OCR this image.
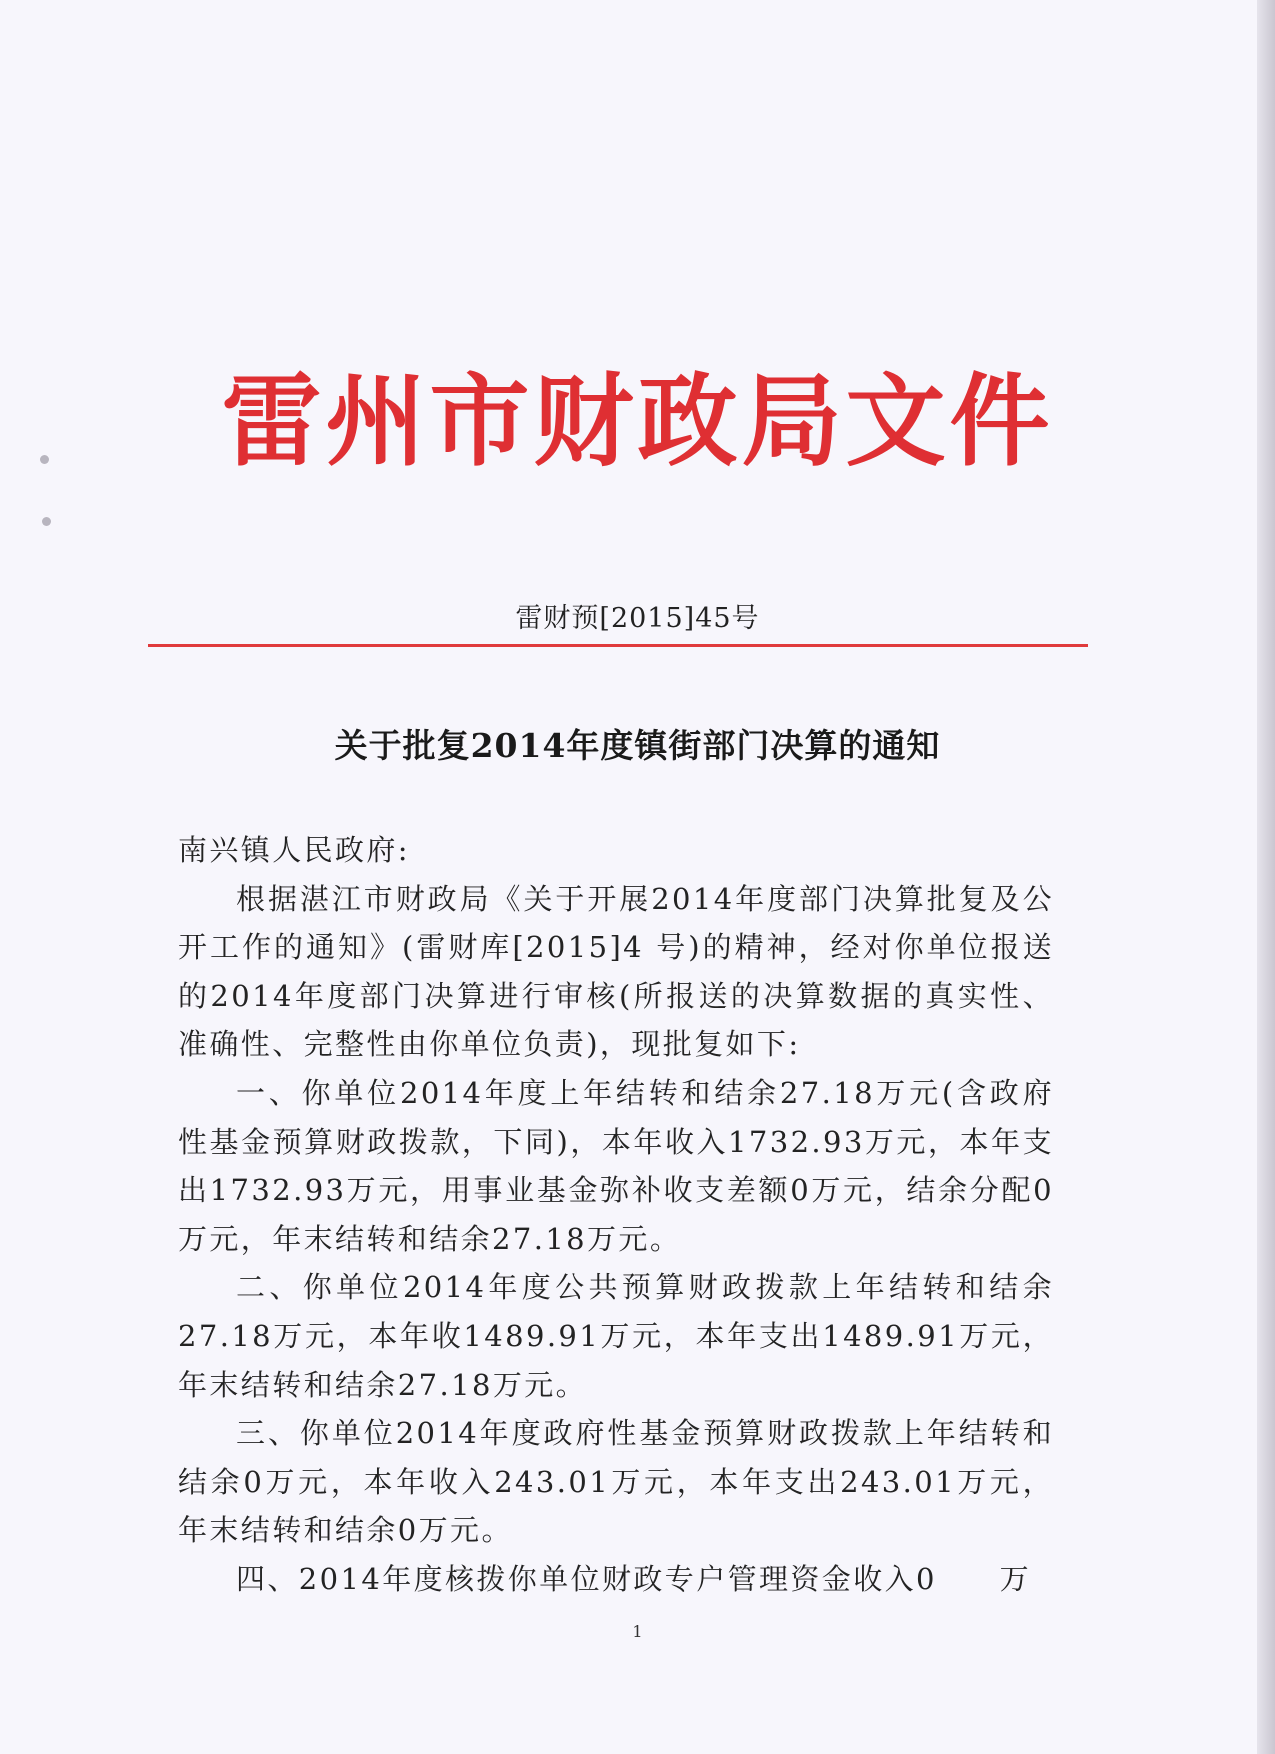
雷州市财政局文件
雷财预[2015]45号
关于批复2014年度镇街部门决算的通知

南兴镇人民政府:

根据湛江市财政局《关于开展2014年度部门决算批复及公开工作的通知》(雷财库[2015]4 号)的精神，经对你单位报送的2014年度部门决算进行审核(所报送的决算数据的真实性、准确性、完整性由你单位负责)，现批复如下:

一、你单位2014年度上年结转和结余27.18万元(含政府性基金预算财政拨款，下同)，本年收入1732.93万元，本年支出1732.93万元，用事业基金弥补收支差额0万元，结余分配0万元，年末结转和结余27.18万元。

二、你单位2014年度公共预算财政拨款上年结转和结余27.18万元，本年收1489.91万元，本年支出1489.91万元，年末结转和结余27.18万元。

三、你单位2014年度政府性基金预算财政拨款上年结转和结余0万元，本年收入243.01万元，本年支出243.01万元，年末结转和结余0万元。

四、2014年度核拨你单位财政专户管理资金收入0　　万

1
